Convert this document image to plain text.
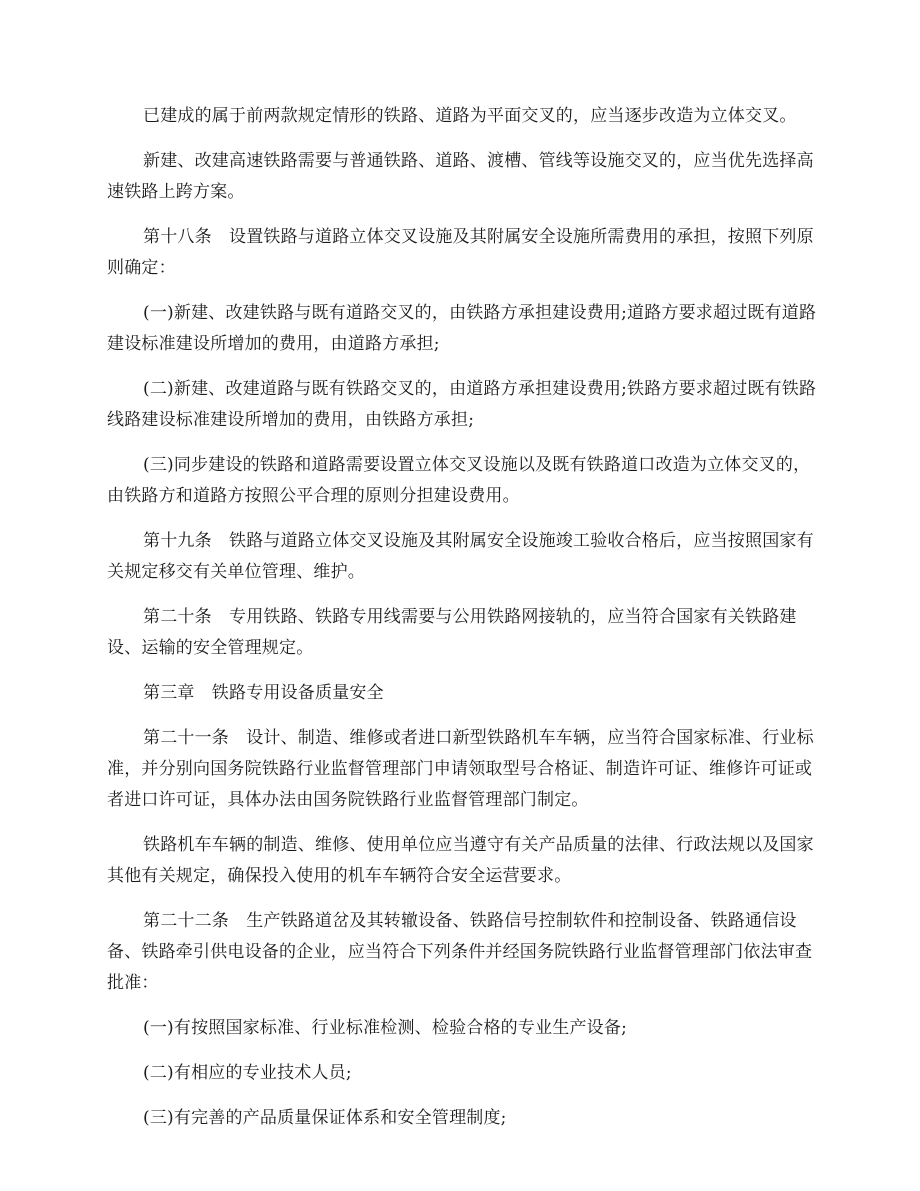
已建成的属于前两款规定情形的铁路、道路为平面交叉的，应当逐步改造为立体交叉。

新建、改建高速铁路需要与普通铁路、道路、渡槽、管线等设施交叉的，应当优先选择高速铁路上跨方案。

第十八条　设置铁路与道路立体交叉设施及其附属安全设施所需费用的承担，按照下列原则确定：

(一)新建、改建铁路与既有道路交叉的，由铁路方承担建设费用;道路方要求超过既有道路建设标准建设所增加的费用，由道路方承担;

(二)新建、改建道路与既有铁路交叉的，由道路方承担建设费用;铁路方要求超过既有铁路线路建设标准建设所增加的费用，由铁路方承担;

(三)同步建设的铁路和道路需要设置立体交叉设施以及既有铁路道口改造为立体交叉的，由铁路方和道路方按照公平合理的原则分担建设费用。

第十九条　铁路与道路立体交叉设施及其附属安全设施竣工验收合格后，应当按照国家有关规定移交有关单位管理、维护。

第二十条　专用铁路、铁路专用线需要与公用铁路网接轨的，应当符合国家有关铁路建设、运输的安全管理规定。

第三章　铁路专用设备质量安全

第二十一条　设计、制造、维修或者进口新型铁路机车车辆，应当符合国家标准、行业标准，并分别向国务院铁路行业监督管理部门申请领取型号合格证、制造许可证、维修许可证或者进口许可证，具体办法由国务院铁路行业监督管理部门制定。

铁路机车车辆的制造、维修、使用单位应当遵守有关产品质量的法律、行政法规以及国家其他有关规定，确保投入使用的机车车辆符合安全运营要求。

第二十二条　生产铁路道岔及其转辙设备、铁路信号控制软件和控制设备、铁路通信设备、铁路牵引供电设备的企业，应当符合下列条件并经国务院铁路行业监督管理部门依法审查批准：

(一)有按照国家标准、行业标准检测、检验合格的专业生产设备;

(二)有相应的专业技术人员;

(三)有完善的产品质量保证体系和安全管理制度;
